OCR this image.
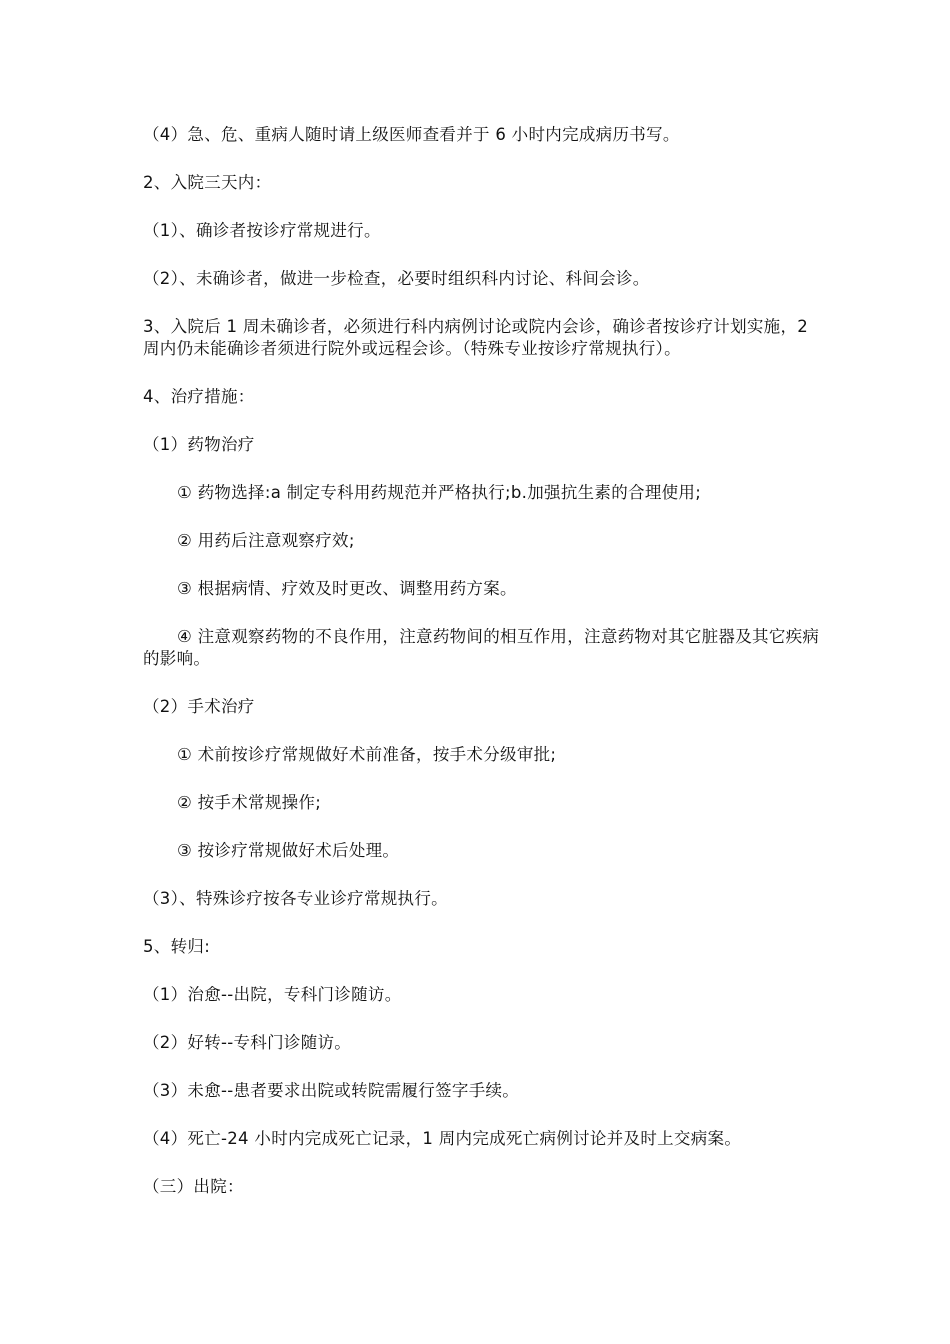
（4）急、危、重病人随时请上级医师查看并于 6 小时内完成病历书写。

2、入院三天内：

（1）、确诊者按诊疗常规进行。

（2）、未确诊者，做进一步检查，必要时组织科内讨论、科间会诊。

3、入院后 1 周未确诊者，必须进行科内病例讨论或院内会诊，确诊者按诊疗计划实施，2 周内仍未能确诊者须进行院外或远程会诊。（特殊专业按诊疗常规执行）。

4、治疗措施：

（1）药物治疗

① 药物选择:a 制定专科用药规范并严格执行;b.加强抗生素的合理使用;

② 用药后注意观察疗效;

③ 根据病情、疗效及时更改、调整用药方案。

④ 注意观察药物的不良作用，注意药物间的相互作用，注意药物对其它脏器及其它疾病的影响。

（2）手术治疗

① 术前按诊疗常规做好术前准备，按手术分级审批;

② 按手术常规操作;

③ 按诊疗常规做好术后处理。

（3）、特殊诊疗按各专业诊疗常规执行。

5、转归:

（1）治愈--出院，专科门诊随访。

（2）好转--专科门诊随访。

（3）未愈--患者要求出院或转院需履行签字手续。

（4）死亡-24 小时内完成死亡记录，1 周内完成死亡病例讨论并及时上交病案。

（三）出院：
